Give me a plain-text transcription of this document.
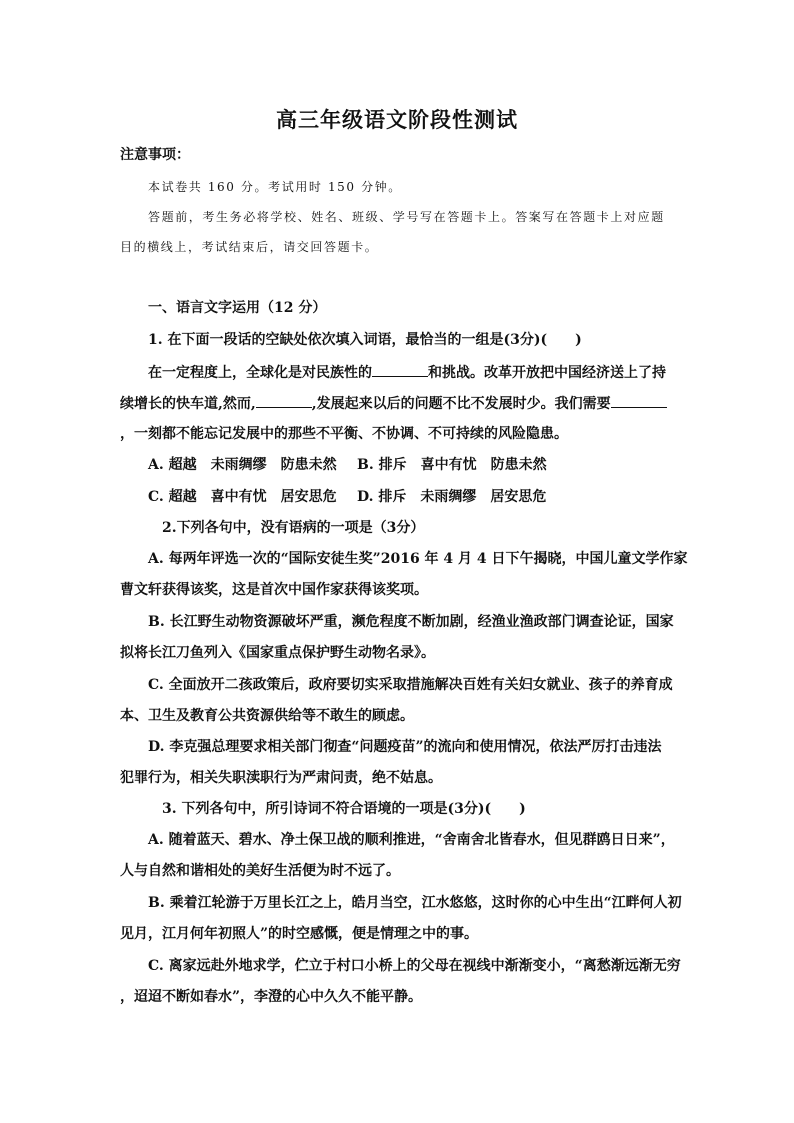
高三年级语文阶段性测试
注意事项：
本试卷共 160 分。考试用时 150 分钟。
答题前，考生务必将学校、姓名、班级、学号写在答题卡上。答案写在答题卡上对应题
目的横线上，考试结束后，请交回答题卡。
一、语言文字运用（12 分）
1. 在下面一段话的空缺处依次填入词语，最恰当的一组是(3分)(　　)
在一定程度上，全球化是对民族性的	和挑战。改革开放把中国经济送上了持
续增长的快车道,然而,	,发展起来以后的问题不比不发展时少。我们需要
，一刻都不能忘记发展中的那些不平衡、不协调、不可持续的风险隐患。
A. 超越　未雨绸缪　防患未然 B. 排斥　喜中有忧　防患未然
C. 超越　喜中有忧　居安思危 D. 排斥　未雨绸缪　居安思危
2.下列各句中，没有语病的一项是（3分）
A. 每两年评选一次的“国际安徒生奖”2016 年 4 月 4 日下午揭晓，中国儿童文学作家
曹文轩获得该奖，这是首次中国作家获得该奖项。
B. 长江野生动物资源破坏严重，濒危程度不断加剧，经渔业渔政部门调查论证，国家
拟将长江刀鱼列入《国家重点保护野生动物名录》。
C. 全面放开二孩政策后，政府要切实采取措施解决百姓有关妇女就业、孩子的养育成
本、卫生及教育公共资源供给等不敢生的顾虑。
D. 李克强总理要求相关部门彻查“问题疫苗”的流向和使用情况，依法严厉打击违法
犯罪行为，相关失职渎职行为严肃问责，绝不姑息。
3. 下列各句中，所引诗词不符合语境的一项是(3分)(　　)
A. 随着蓝天、碧水、净土保卫战的顺利推进，“舍南舍北皆春水，但见群鸥日日来”，
人与自然和谐相处的美好生活便为时不远了。
B. 乘着江轮游于万里长江之上，皓月当空，江水悠悠，这时你的心中生出“江畔何人初
见月，江月何年初照人”的时空感慨，便是情理之中的事。
C. 离家远赴外地求学，伫立于村口小桥上的父母在视线中渐渐变小，“离愁渐远渐无穷
，迢迢不断如春水”，李澄的心中久久不能平静。
